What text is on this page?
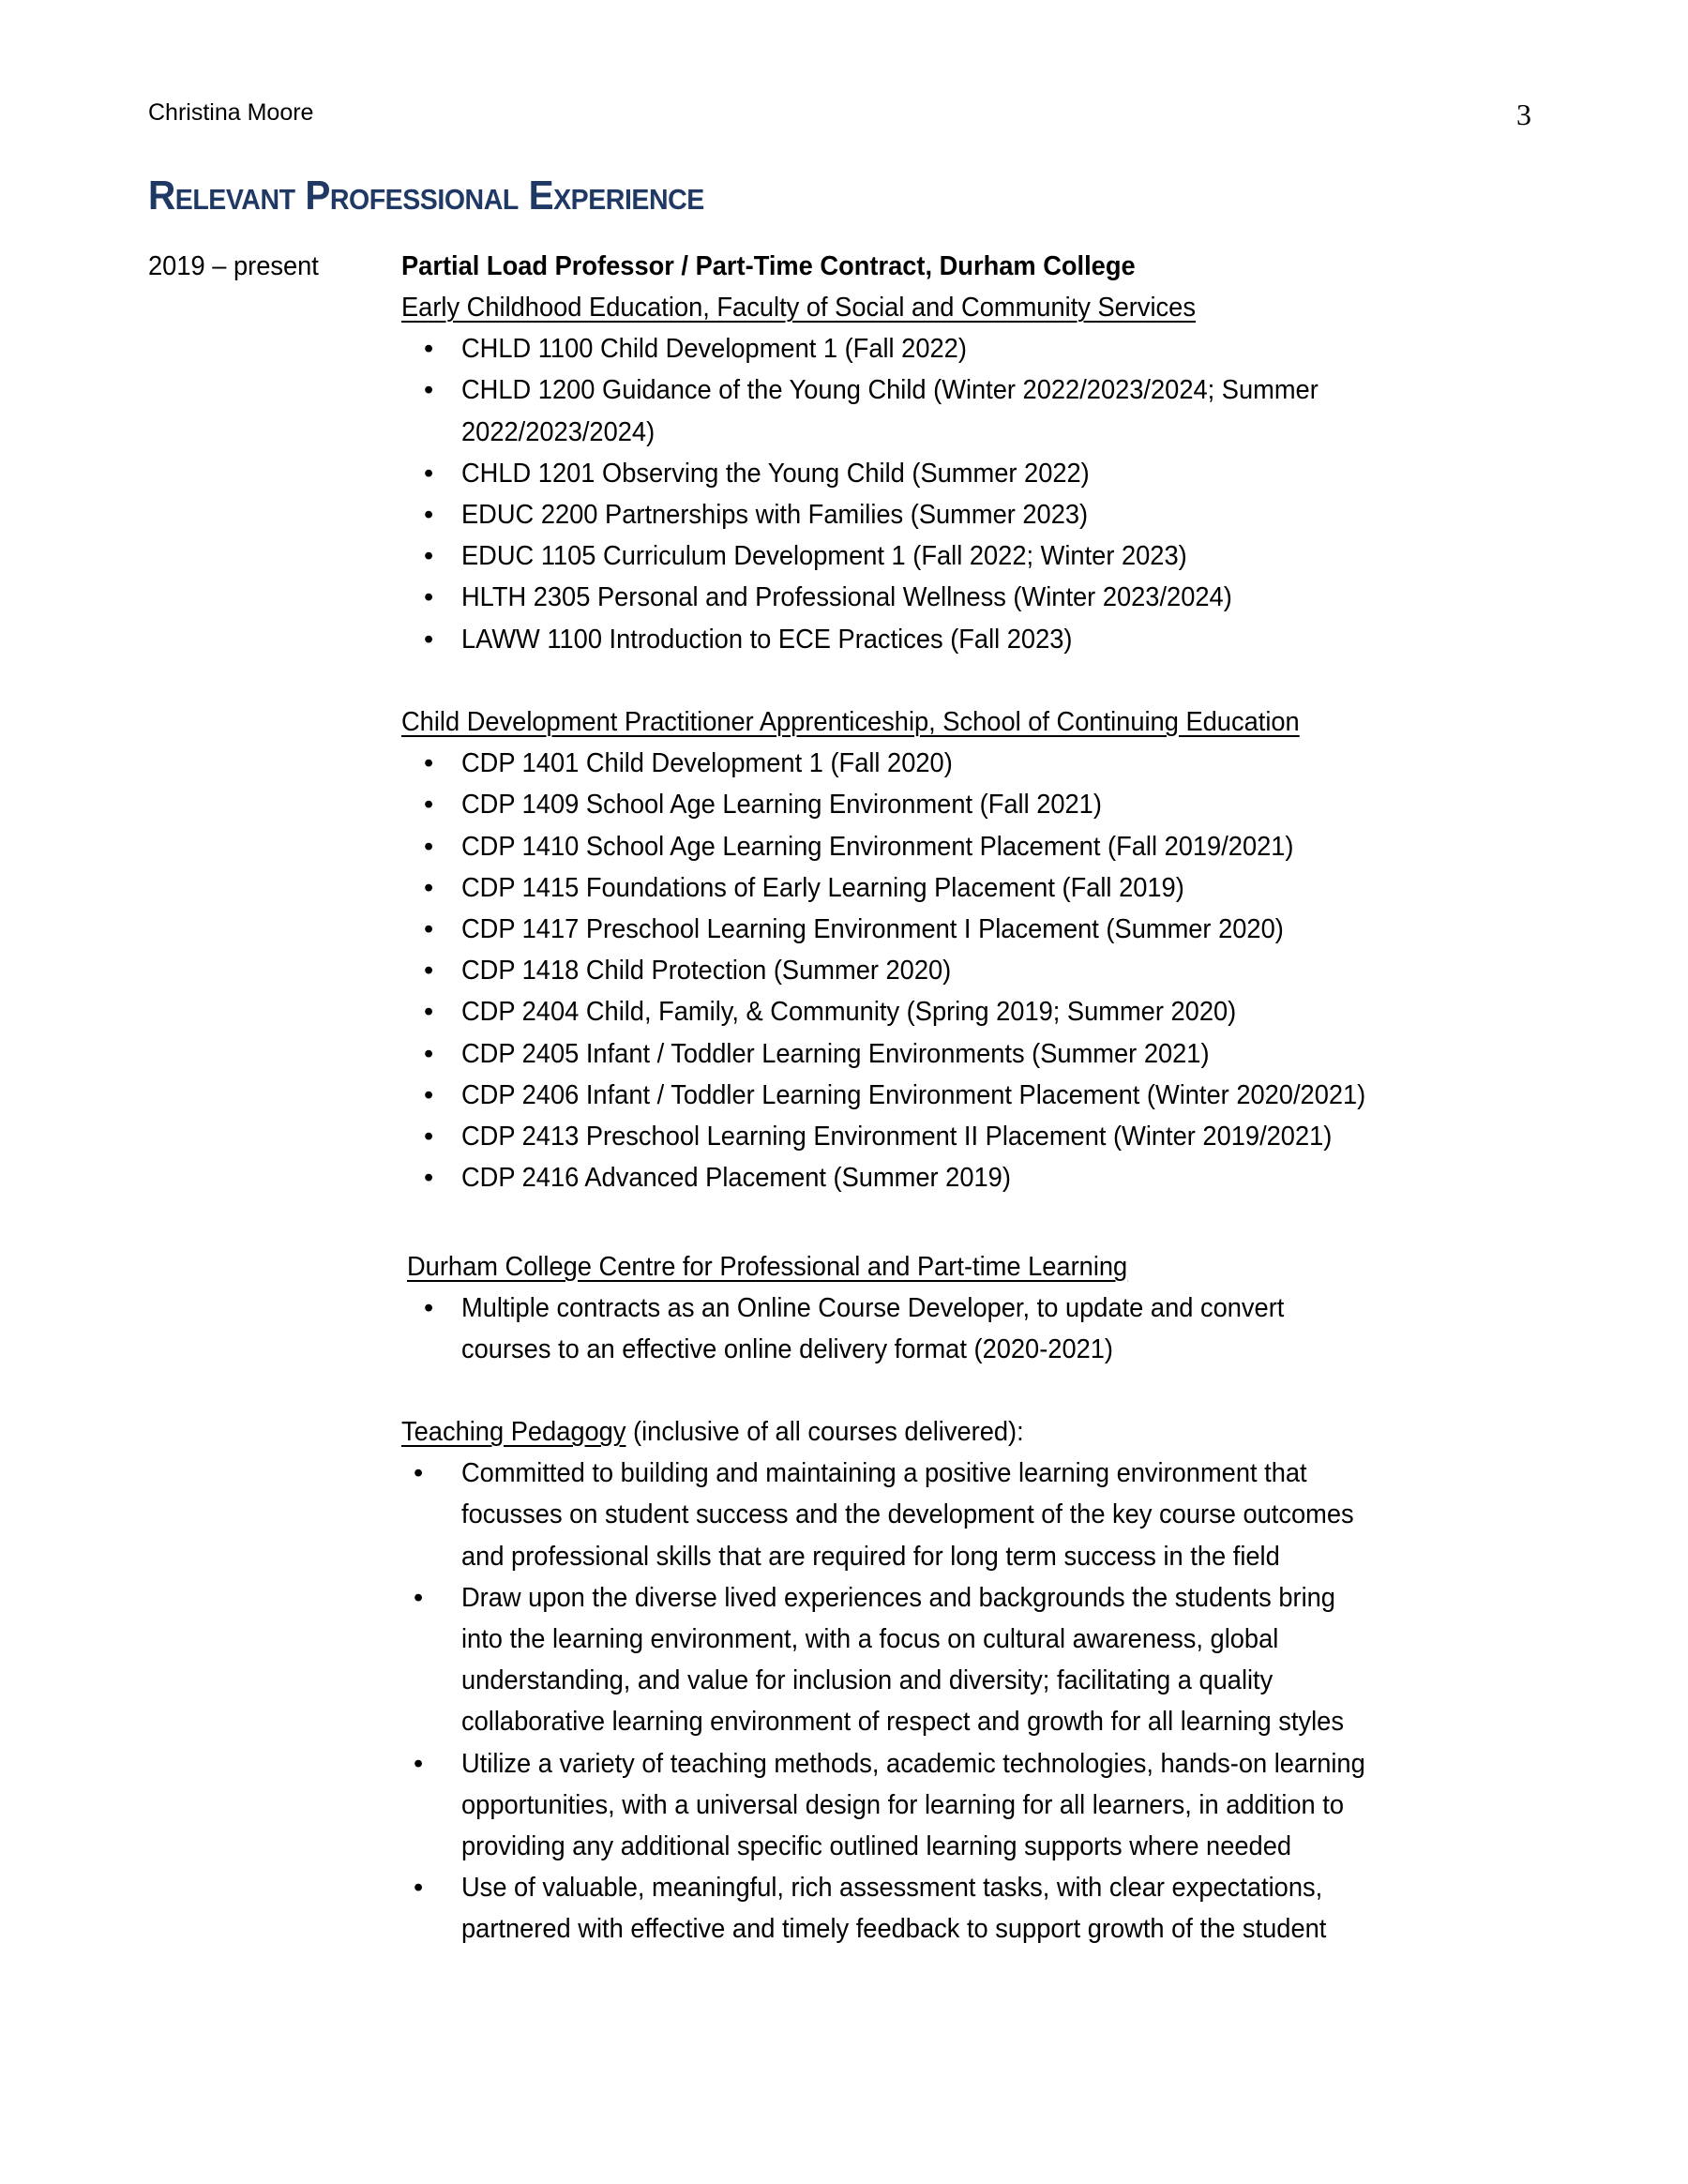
Christina Moore	3
Relevant Professional Experience
2019 – present	Partial Load Professor / Part-Time Contract, Durham College
Early Childhood Education, Faculty of Social and Community Services
• CHLD 1100 Child Development 1 (Fall 2022)
• CHLD 1200 Guidance of the Young Child (Winter 2022/2023/2024; Summer
2022/2023/2024)
• CHLD 1201 Observing the Young Child (Summer 2022)
• EDUC 2200 Partnerships with Families (Summer 2023)
• EDUC 1105 Curriculum Development 1 (Fall 2022; Winter 2023)
• HLTH 2305 Personal and Professional Wellness (Winter 2023/2024)
• LAWW 1100 Introduction to ECE Practices (Fall 2023)
Child Development Practitioner Apprenticeship, School of Continuing Education
• CDP 1401 Child Development 1 (Fall 2020)
• CDP 1409 School Age Learning Environment (Fall 2021)
• CDP 1410 School Age Learning Environment Placement (Fall 2019/2021)
• CDP 1415 Foundations of Early Learning Placement (Fall 2019)
• CDP 1417 Preschool Learning Environment I Placement (Summer 2020)
• CDP 1418 Child Protection (Summer 2020)
• CDP 2404 Child, Family, & Community (Spring 2019; Summer 2020)
• CDP 2405 Infant / Toddler Learning Environments (Summer 2021)
• CDP 2406 Infant / Toddler Learning Environment Placement (Winter 2020/2021)
• CDP 2413 Preschool Learning Environment II Placement (Winter 2019/2021)
• CDP 2416 Advanced Placement (Summer 2019)
Durham College Centre for Professional and Part-time Learning
• Multiple contracts as an Online Course Developer, to update and convert
courses to an effective online delivery format (2020-2021)
Teaching Pedagogy (inclusive of all courses delivered):
• Committed to building and maintaining a positive learning environment that
focusses on student success and the development of the key course outcomes
and professional skills that are required for long term success in the field
• Draw upon the diverse lived experiences and backgrounds the students bring
into the learning environment, with a focus on cultural awareness, global
understanding, and value for inclusion and diversity; facilitating a quality
collaborative learning environment of respect and growth for all learning styles
• Utilize a variety of teaching methods, academic technologies, hands-on learning
opportunities, with a universal design for learning for all learners, in addition to
providing any additional specific outlined learning supports where needed
• Use of valuable, meaningful, rich assessment tasks, with clear expectations,
partnered with effective and timely feedback to support growth of the student
